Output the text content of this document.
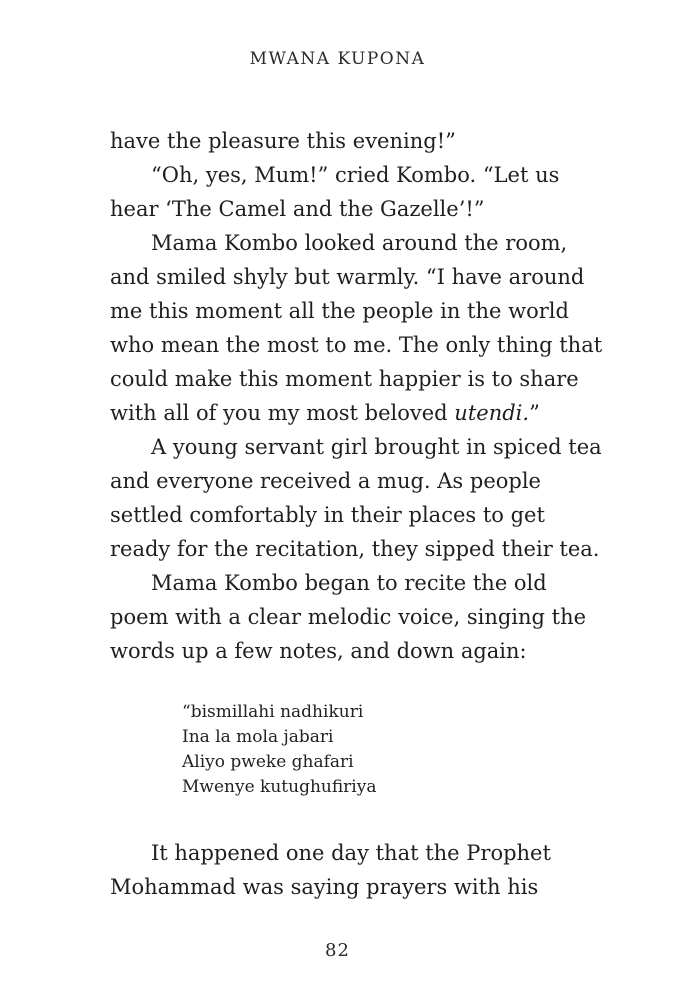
MWANA KUPONA

have the pleasure this evening!”

“Oh, yes, Mum!” cried Kombo. “Let us hear ‘The Camel and the Gazelle’!”

Mama Kombo looked around the room, and smiled shyly but warmly. “I have around me this moment all the people in the world who mean the most to me. The only thing that could make this moment happier is to share with all of you my most beloved utendi.”

A young servant girl brought in spiced tea and everyone received a mug. As people settled comfortably in their places to get ready for the recitation, they sipped their tea.

Mama Kombo began to recite the old poem with a clear melodic voice, singing the words up a few notes, and down again:

“bismillahi nadhikuri
Ina la mola jabari
Aliyo pweke ghafari
Mwenye kutughufiriya

It happened one day that the Prophet Mohammad was saying prayers with his

82
